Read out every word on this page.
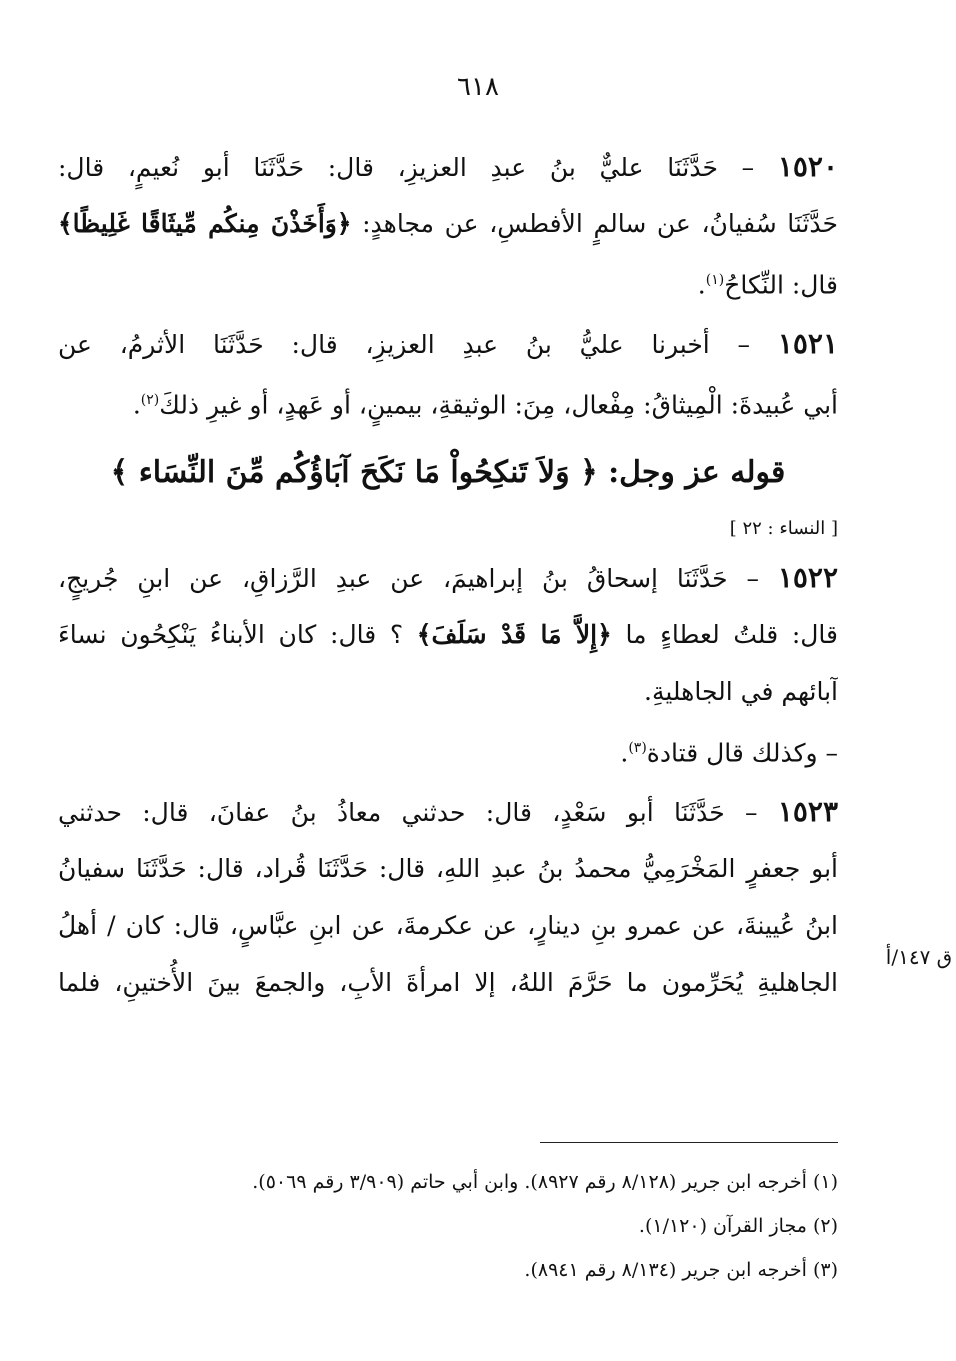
٦١٨
١٥٢٠ – حَدَّثَنَا عليٌّ بنُ عبدِ العزيزِ، قال: حَدَّثَنَا أبو نُعيمٍ، قال:
حَدَّثَنَا سُفيانُ، عن سالمٍ الأفطسِ، عن مجاهدٍ: ﴿وَأَخَذْنَ مِنكُم مِّيثَاقًا غَلِيظًا﴾
قال: النِّكاحُ$^{(١)}$.
١٥٢١ – أخبرنا عليُّ بنُ عبدِ العزيزِ، قال: حَدَّثَنَا الأثرمُ، عن
أبي عُبيدةَ: الْمِيثاقُ: مِفْعال، مِنَ: الوثيقةِ، بيمينٍ، أو عَهدٍ، أو غيرِ ذلكَ$^{(٢)}$.
قوله عز وجل: ﴿ وَلاَ تَنكِحُواْ مَا نَكَحَ آبَاؤُكُم مِّنَ النِّسَاء ﴾
[ النساء : ٢٢ ]
١٥٢٢ – حَدَّثَنَا إسحاقُ بنُ إبراهيمَ، عن عبدِ الرَّزاقِ، عن ابنِ جُريجٍ،
قال: قلتُ لعطاءٍ ما ﴿إِلاَّ مَا قَدْ سَلَفَ﴾ ؟ قال: كان الأبناءُ يَنْكِحُون نساءَ
آبائهم في الجاهليةِ.
– وكذلك قال قتادة$^{(٣)}$.
١٥٢٣ – حَدَّثَنَا أبو سَعْدٍ، قال: حدثني معاذُ بنُ عفانَ، قال: حدثني
أبو جعفرٍ المَخْرَمِيُّ محمدُ بنُ عبدِ اللهِ، قال: حَدَّثَنَا قُراد، قال: حَدَّثَنَا سفيانُ
ابنُ عُيينةَ، عن عمرو بنِ دينارٍ، عن عكرمةَ، عن ابنِ عبَّاسٍ، قال: كان / أهلُ
الجاهليةِ يُحَرِّمون ما حَرَّمَ اللهُ، إلا امرأةَ الأبِ، والجمعَ بينَ الأُختينِ، فلما
ق ١٤٧/أ
(١) أخرجه ابن جرير (٨/١٢٨ رقم ٨٩٢٧). وابن أبي حاتم (٣/٩٠٩ رقم ٥٠٦٩).
(٢) مجاز القرآن (١/١٢٠).
(٣) أخرجه ابن جرير (٨/١٣٤ رقم ٨٩٤١).
